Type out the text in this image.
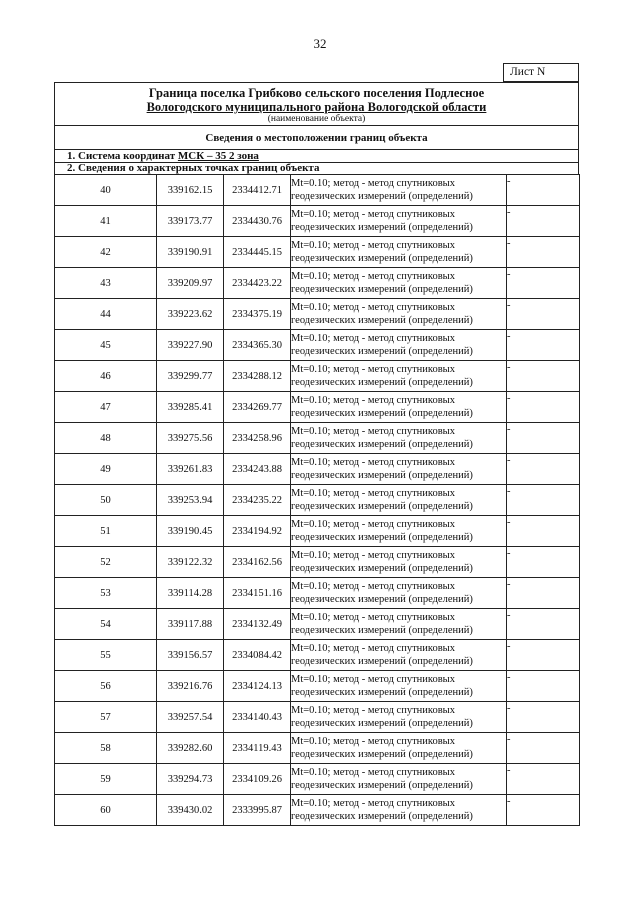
32
Лист N
Граница поселка Грибково сельского поселения Подлесное
Вологодского муниципального района Вологодской области
(наименование объекта)
Сведения о местоположении границ объекта
1. Система координат МСК – 35 2 зона
2. Сведения о характерных точках границ объекта
40	339162.15	2334412.71	Mt=0.10; метод - метод спутниковых
геодезических измерений (определений)	-
41	339173.77	2334430.76	Mt=0.10; метод - метод спутниковых
геодезических измерений (определений)	-
42	339190.91	2334445.15	Mt=0.10; метод - метод спутниковых
геодезических измерений (определений)	-
43	339209.97	2334423.22	Mt=0.10; метод - метод спутниковых
геодезических измерений (определений)	-
44	339223.62	2334375.19	Mt=0.10; метод - метод спутниковых
геодезических измерений (определений)	-
45	339227.90	2334365.30	Mt=0.10; метод - метод спутниковых
геодезических измерений (определений)	-
46	339299.77	2334288.12	Mt=0.10; метод - метод спутниковых
геодезических измерений (определений)	-
47	339285.41	2334269.77	Mt=0.10; метод - метод спутниковых
геодезических измерений (определений)	-
48	339275.56	2334258.96	Mt=0.10; метод - метод спутниковых
геодезических измерений (определений)	-
49	339261.83	2334243.88	Mt=0.10; метод - метод спутниковых
геодезических измерений (определений)	-
50	339253.94	2334235.22	Mt=0.10; метод - метод спутниковых
геодезических измерений (определений)	-
51	339190.45	2334194.92	Mt=0.10; метод - метод спутниковых
геодезических измерений (определений)	-
52	339122.32	2334162.56	Mt=0.10; метод - метод спутниковых
геодезических измерений (определений)	-
53	339114.28	2334151.16	Mt=0.10; метод - метод спутниковых
геодезических измерений (определений)	-
54	339117.88	2334132.49	Mt=0.10; метод - метод спутниковых
геодезических измерений (определений)	-
55	339156.57	2334084.42	Mt=0.10; метод - метод спутниковых
геодезических измерений (определений)	-
56	339216.76	2334124.13	Mt=0.10; метод - метод спутниковых
геодезических измерений (определений)	-
57	339257.54	2334140.43	Mt=0.10; метод - метод спутниковых
геодезических измерений (определений)	-
58	339282.60	2334119.43	Mt=0.10; метод - метод спутниковых
геодезических измерений (определений)	-
59	339294.73	2334109.26	Mt=0.10; метод - метод спутниковых
геодезических измерений (определений)	-
60	339430.02	2333995.87	Mt=0.10; метод - метод спутниковых
геодезических измерений (определений)	-
